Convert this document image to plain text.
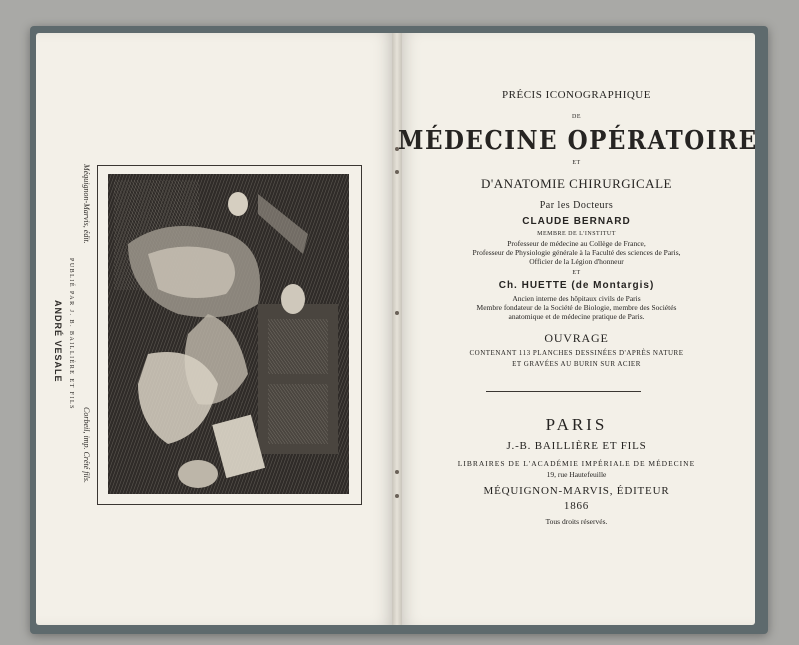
Méquignon-Marvis, édit.
PUBLIÉ PAR J. B. BAILLIÈRE ET FILS
ANDRÉ VESALE
Corbeil, imp. Crété fils.
PRÉCIS ICONOGRAPHIQUE
DE
MÉDECINE OPÉRATOIRE
ET
D'ANATOMIE CHIRURGICALE
Par les Docteurs
CLAUDE BERNARD
MEMBRE DE L'INSTITUT
Professeur de médecine au Collège de France,
Professeur de Physiologie générale à la Faculté des sciences de Paris,
Officier de la Légion d'honneur
ET
Ch. HUETTE (de Montargis)
Ancien interne des hôpitaux civils de Paris
Membre fondateur de la Société de Biologie, membre des Sociétés
anatomique et de médecine pratique de Paris.
OUVRAGE
CONTENANT 113 PLANCHES DESSINÉES D'APRÈS NATURE
ET GRAVÉES AU BURIN SUR ACIER
PARIS
J.-B. BAILLIÈRE ET FILS
LIBRAIRES DE L'ACADÉMIE IMPÉRIALE DE MÉDECINE
19, rue Hautefeuille
MÉQUIGNON-MARVIS, ÉDITEUR
1866
Tous droits réservés.
